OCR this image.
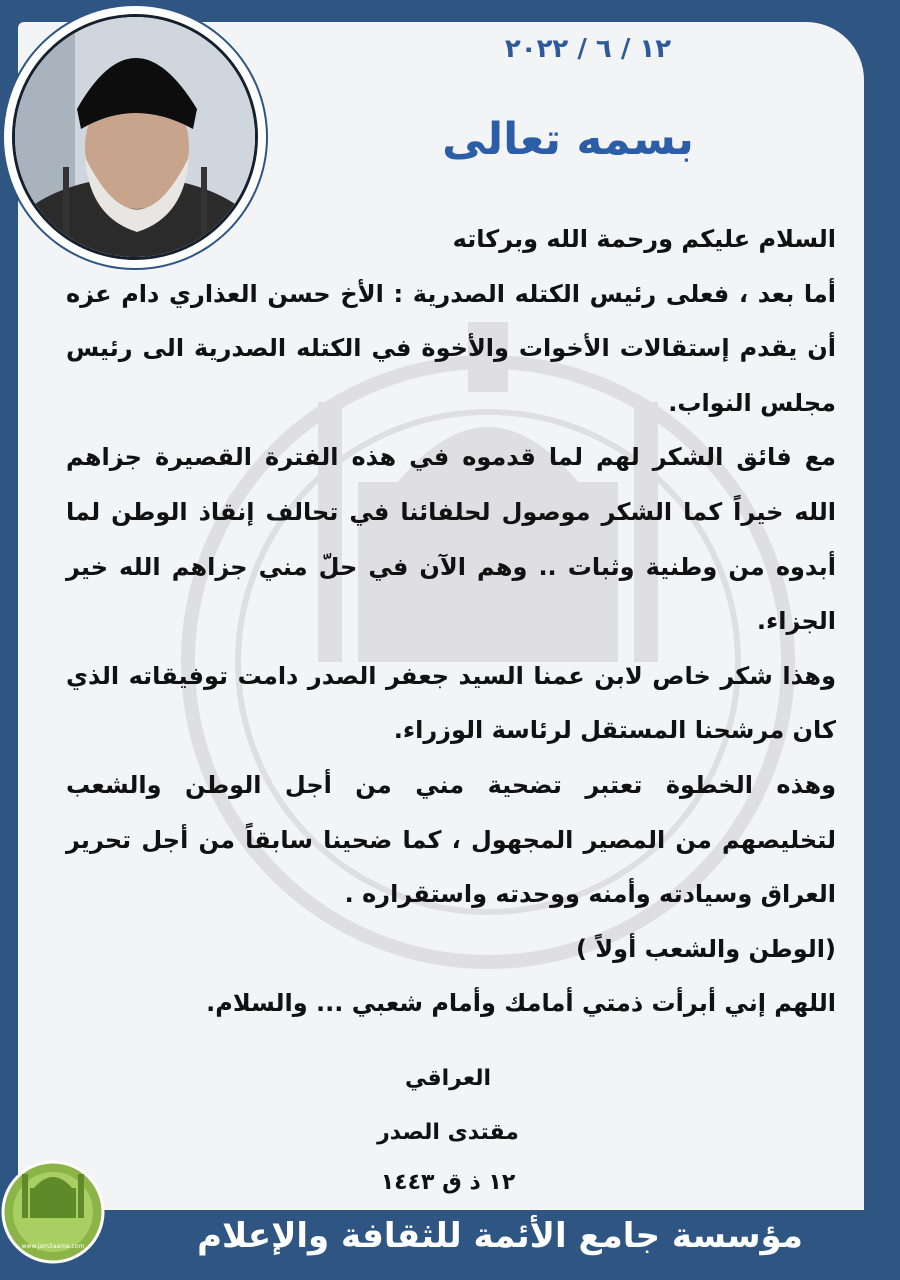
١٢ / ٦ / ٢٠٢٢
بسمه تعالى

السلام عليكم ورحمة الله وبركاته

أما بعد ، فعلى رئيس الكتله الصدرية : الأخ حسن العذاري دام عزه أن يقدم إستقالات الأخوات والأخوة في الكتله الصدرية الى رئيس مجلس النواب.

مع فائق الشكر لهم لما قدموه في هذه الفترة القصيرة جزاهم الله خيراً كما الشكر موصول لحلفائنا في تحالف إنقاذ الوطن لما أبدوه من وطنية وثبات .. وهم الآن في حلّ مني جزاهم الله خير الجزاء.

وهذا شكر خاص لابن عمنا السيد جعفر الصدر دامت توفيقاته الذي كان مرشحنا المستقل لرئاسة الوزراء.

وهذه الخطوة تعتبر تضحية مني من أجل الوطن والشعب لتخليصهم من المصير المجهول ، كما ضحينا سابقاً من أجل تحرير العراق وسيادته وأمنه ووحدته واستقراره .

(الوطن والشعب أولاً )

اللهم إني أبرأت ذمتي أمامك وأمام شعبي ... والسلام.

العراقي
مقتدى الصدر
١٢ ذ ق ١٤٤٣
مؤسسة جامع الأئمة للثقافة والإعلام
www.jam3aama.com
